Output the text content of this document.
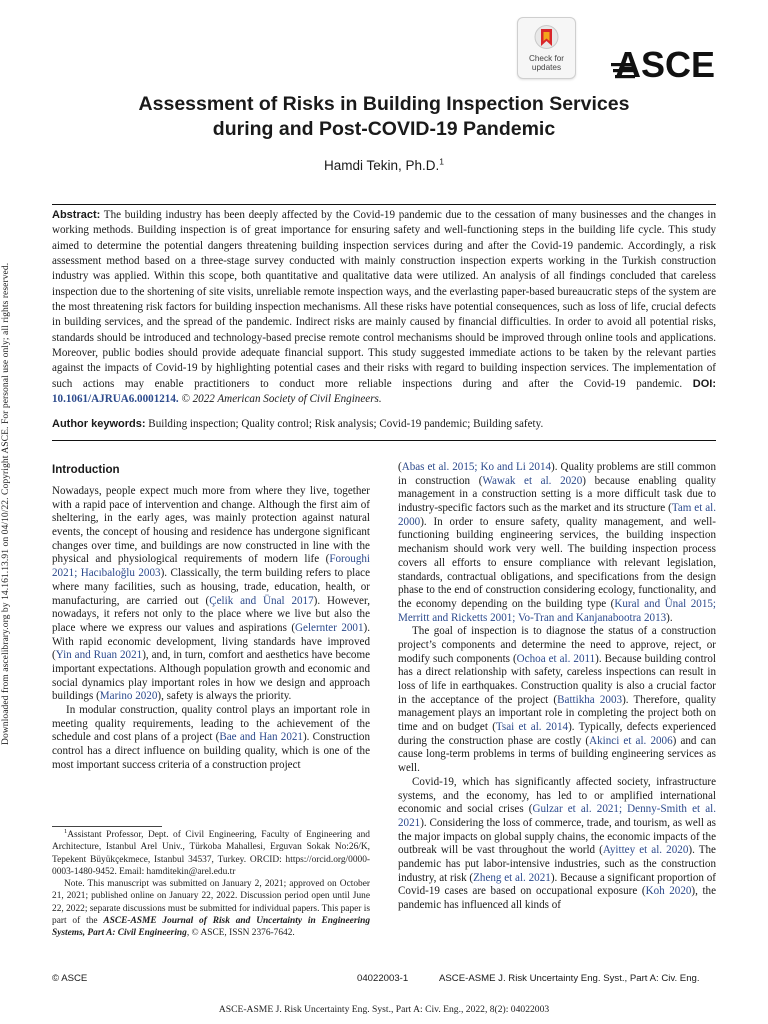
Downloaded from ascelibrary.org by 14.161.13.91 on 04/10/22. Copyright ASCE. For personal use only; all rights reserved.
Check for
updates	ASCE
Assessment of Risks in Building Inspection Services
during and Post-COVID-19 Pandemic
Hamdi Tekin, Ph.D.$^1$

Abstract: The building industry has been deeply affected by the Covid-19 pandemic due to the cessation of many businesses and the changes in working methods. Building inspection is of great importance for ensuring safety and well-functioning steps in the building life cycle. This study aimed to determine the potential dangers threatening building inspection services during and after the Covid-19 pandemic. Accordingly, a risk assessment method based on a three-stage survey conducted with mainly construction inspection experts working in the Turkish construction industry was applied. Within this scope, both quantitative and qualitative data were utilized. An analysis of all findings concluded that careless inspection due to the shortening of site visits, unreliable remote inspection ways, and the everlasting paper-based bureaucratic steps of the system are the most threatening risk factors for building inspection mechanisms. All these risks have potential consequences, such as loss of life, crucial defects in building services, and the spread of the pandemic. Indirect risks are mainly caused by financial difficulties. In order to avoid all potential risks, standards should be introduced and technology-based precise remote control mechanisms should be improved through online tools and applications. Moreover, public bodies should provide adequate financial support. This study suggested immediate actions to be taken by the relevant parties against the impacts of Covid-19 by highlighting potential cases and their risks with regard to building inspection services. The implementation of such actions may enable practitioners to conduct more reliable inspections during and after the Covid-19 pandemic. DOI: 10.1061/AJRUA6.0001214. © 2022 American Society of Civil Engineers.

Author keywords: Building inspection; Quality control; Risk analysis; Covid-19 pandemic; Building safety.

Introduction

Nowadays, people expect much more from where they live, together with a rapid pace of intervention and change. Although the first aim of sheltering, in the early ages, was mainly protection against natural events, the concept of housing and residence has undergone significant changes over time, and buildings are now constructed in line with the physical and physiological requirements of modern life (Foroughi 2021; Hacıbaloğlu 2003). Classically, the term building refers to place where many facilities, such as housing, trade, education, health, or manufacturing, are carried out (Çelik and Ünal 2017). However, nowadays, it refers not only to the place where we live but also the place where we express our values and aspirations (Gelernter 2001). With rapid economic development, living standards have improved (Yin and Ruan 2021), and, in turn, comfort and aesthetics have become important expectations. Although population growth and economic and social dynamics play important roles in how we design and approach buildings (Marino 2020), safety is always the priority.

In modular construction, quality control plays an important role in meeting quality requirements, leading to the achievement of the schedule and cost plans of a project (Bae and Han 2021). Construction control has a direct influence on building quality, which is one of the most important success criteria of a construction project

$^1$Assistant Professor, Dept. of Civil Engineering, Faculty of Engineering and Architecture, Istanbul Arel Univ., Türkoba Mahallesi, Erguvan Sokak No:26/K, Tepekent Büyükçekmece, Istanbul 34537, Turkey. ORCID: https://orcid.org/0000-0003-1480-9452. Email: hamditekin@arel.edu.tr

Note. This manuscript was submitted on January 2, 2021; approved on October 21, 2021; published online on January 22, 2022. Discussion period open until June 22, 2022; separate discussions must be submitted for individual papers. This paper is part of the ASCE-ASME Journal of Risk and Uncertainty in Engineering Systems, Part A: Civil Engineering, © ASCE, ISSN 2376-7642.

(Abas et al. 2015; Ko and Li 2014). Quality problems are still common in construction (Wawak et al. 2020) because enabling quality management in a construction setting is a more difficult task due to industry-specific factors such as the market and its structure (Tam et al. 2000). In order to ensure safety, quality management, and well-functioning building engineering services, the building inspection mechanism should work very well. The building inspection process covers all efforts to ensure compliance with relevant legislation, standards, contractual obligations, and specifications from the design phase to the end of construction considering ecology, functionality, and the economy depending on the building type (Kural and Ünal 2015; Merritt and Ricketts 2001; Vo-Tran and Kanjanabootra 2013).

The goal of inspection is to diagnose the status of a construction project’s components and determine the need to approve, reject, or modify such components (Ochoa et al. 2011). Because building control has a direct relationship with safety, careless inspections can result in loss of life in earthquakes. Construction quality is also a crucial factor in the acceptance of the project (Battikha 2003). Therefore, quality management plays an important role in completing the project both on time and on budget (Tsai et al. 2014). Typically, defects experienced during the construction phase are costly (Akinci et al. 2006) and can cause long-term problems in terms of building engineering services as well.

Covid-19, which has significantly affected society, infrastructure systems, and the economy, has led to or amplified international economic and social crises (Gulzar et al. 2021; Denny-Smith et al. 2021). Considering the loss of commerce, trade, and tourism, as well as the major impacts on global supply chains, the economic impacts of the outbreak will be vast throughout the world (Ayittey et al. 2020). The pandemic has put labor-intensive industries, such as the construction industry, at risk (Zheng et al. 2021). Because a significant proportion of Covid-19 cases are based on occupational exposure (Koh 2020), the pandemic has influenced all kinds of

© ASCE	04022003-1	ASCE-ASME J. Risk Uncertainty Eng. Syst., Part A: Civ. Eng.
ASCE-ASME J. Risk Uncertainty Eng. Syst., Part A: Civ. Eng., 2022, 8(2): 04022003
